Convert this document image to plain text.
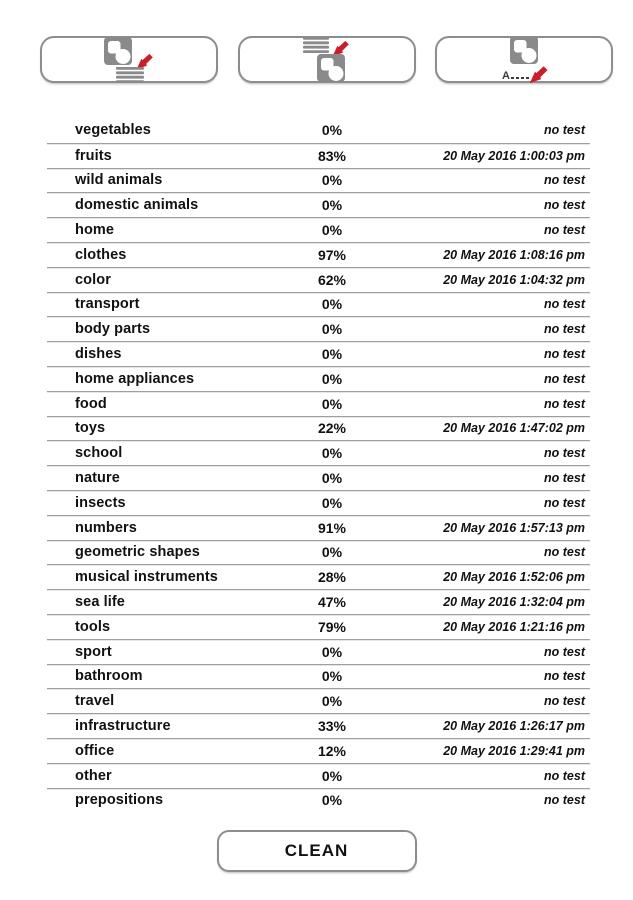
A
vegetables	0%	no test
fruits	83%	20 May 2016 1:00:03 pm
wild animals	0%	no test
domestic animals	0%	no test
home	0%	no test
clothes	97%	20 May 2016 1:08:16 pm
color	62%	20 May 2016 1:04:32 pm
transport	0%	no test
body parts	0%	no test
dishes	0%	no test
home appliances	0%	no test
food	0%	no test
toys	22%	20 May 2016 1:47:02 pm
school	0%	no test
nature	0%	no test
insects	0%	no test
numbers	91%	20 May 2016 1:57:13 pm
geometric shapes	0%	no test
musical instruments	28%	20 May 2016 1:52:06 pm
sea life	47%	20 May 2016 1:32:04 pm
tools	79%	20 May 2016 1:21:16 pm
sport	0%	no test
bathroom	0%	no test
travel	0%	no test
infrastructure	33%	20 May 2016 1:26:17 pm
office	12%	20 May 2016 1:29:41 pm
other	0%	no test
prepositions	0%	no test
CLEAN
